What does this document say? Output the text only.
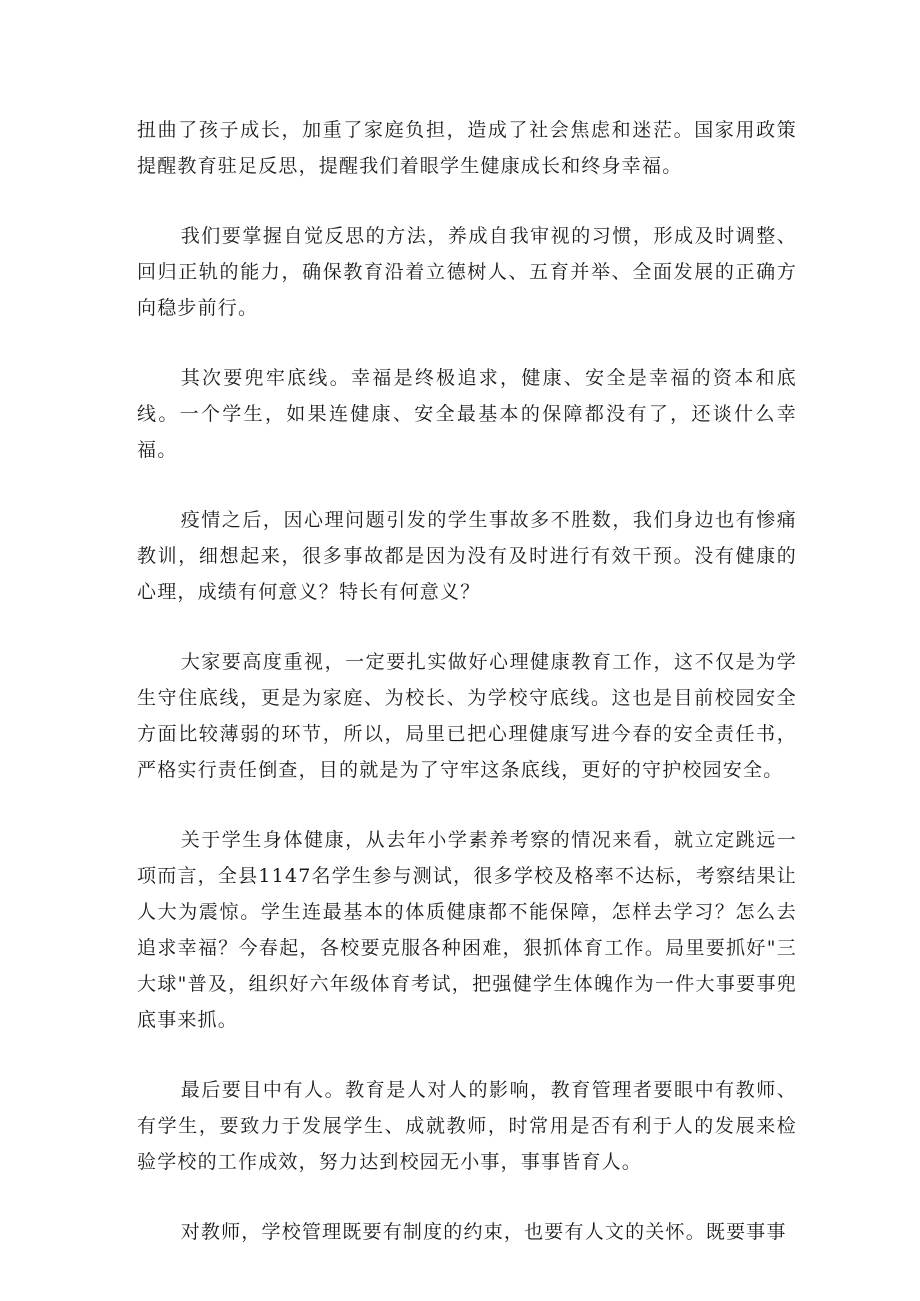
扭曲了孩子成长，加重了家庭负担，造成了社会焦虑和迷茫。国家用政策提醒教育驻足反思，提醒我们着眼学生健康成长和终身幸福。

我们要掌握自觉反思的方法，养成自我审视的习惯，形成及时调整、回归正轨的能力，确保教育沿着立德树人、五育并举、全面发展的正确方向稳步前行。

其次要兜牢底线。幸福是终极追求，健康、安全是幸福的资本和底线。一个学生，如果连健康、安全最基本的保障都没有了，还谈什么幸福。

疫情之后，因心理问题引发的学生事故多不胜数，我们身边也有惨痛教训，细想起来，很多事故都是因为没有及时进行有效干预。没有健康的心理，成绩有何意义？特长有何意义？

大家要高度重视，一定要扎实做好心理健康教育工作，这不仅是为学生守住底线，更是为家庭、为校长、为学校守底线。这也是目前校园安全方面比较薄弱的环节，所以，局里已把心理健康写进今春的安全责任书，严格实行责任倒查，目的就是为了守牢这条底线，更好的守护校园安全。

关于学生身体健康，从去年小学素养考察的情况来看，就立定跳远一项而言，全县1147名学生参与测试，很多学校及格率不达标，考察结果让人大为震惊。学生连最基本的体质健康都不能保障，怎样去学习？怎么去追求幸福？今春起，各校要克服各种困难，狠抓体育工作。局里要抓好"三大球"普及，组织好六年级体育考试，把强健学生体魄作为一件大事要事兜底事来抓。

最后要目中有人。教育是人对人的影响，教育管理者要眼中有教师、有学生，要致力于发展学生、成就教师，时常用是否有利于人的发展来检验学校的工作成效，努力达到校园无小事，事事皆育人。

对教师，学校管理既要有制度的约束，也要有人文的关怀。既要事事
